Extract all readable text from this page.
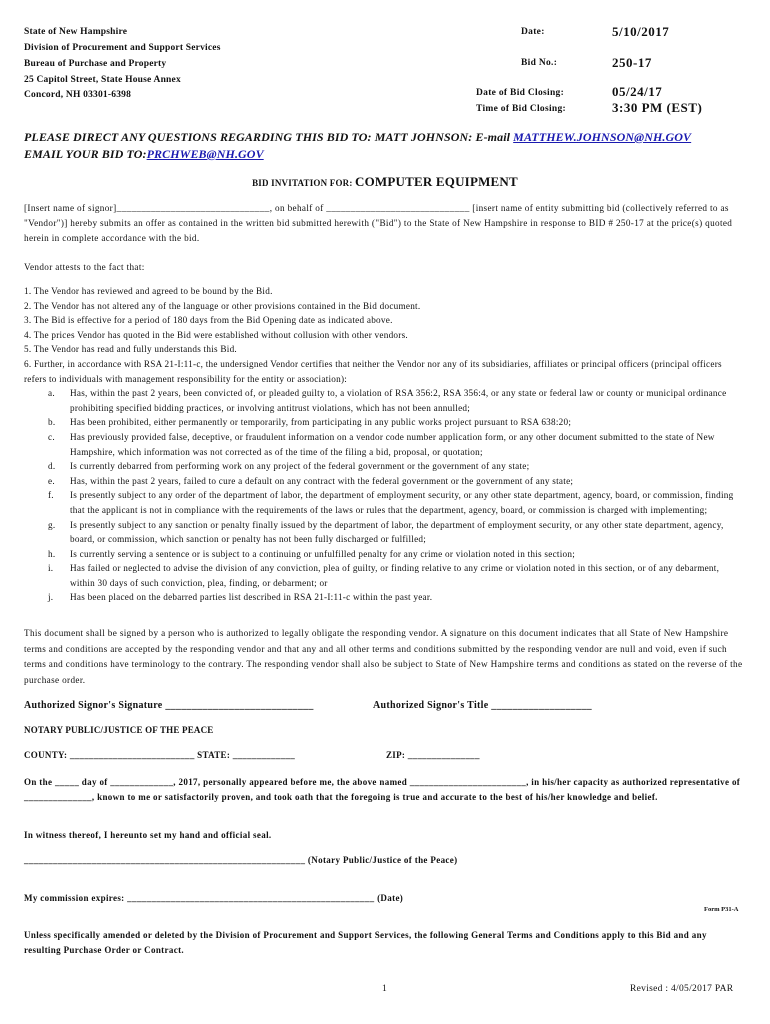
State of New Hampshire
Division of Procurement and Support Services
Bureau of Purchase and Property
25 Capitol Street, State House Annex
Concord, NH 03301-6398
Date:	5/10/2017
Bid No.:	250-17
Date of Bid Closing:	05/24/17
Time of Bid Closing:	3:30 PM (EST)
PLEASE DIRECT ANY QUESTIONS REGARDING THIS BID TO: MATT JOHNSON: E-mail MATTHEW.JOHNSON@NH.GOV
EMAIL YOUR BID TO:PRCHWEB@NH.GOV
BID INVITATION FOR: COMPUTER EQUIPMENT
[Insert name of signor]_______________________________, on behalf of _____________________________ [insert name of entity submitting bid (collectively referred to as "Vendor")] hereby submits an offer as contained in the written bid submitted herewith ("Bid") to the State of New Hampshire in response to BID # 250-17 at the price(s) quoted herein in complete accordance with the bid.
Vendor attests to the fact that:
1. The Vendor has reviewed and agreed to be bound by the Bid.
2. The Vendor has not altered any of the language or other provisions contained in the Bid document.
3. The Bid is effective for a period of 180 days from the Bid Opening date as indicated above.
4. The prices Vendor has quoted in the Bid were established without collusion with other vendors.
5. The Vendor has read and fully understands this Bid.
6. Further, in accordance with RSA 21-I:11-c, the undersigned Vendor certifies that neither the Vendor nor any of its subsidiaries, affiliates or principal officers (principal officers refers to individuals with management responsibility for the entity or association):
a. Has, within the past 2 years, been convicted of, or pleaded guilty to, a violation of RSA 356:2, RSA 356:4, or any state or federal law or county or municipal ordinance prohibiting specified bidding practices, or involving antitrust violations, which has not been annulled;
b. Has been prohibited, either permanently or temporarily, from participating in any public works project pursuant to RSA 638:20;
c. Has previously provided false, deceptive, or fraudulent information on a vendor code number application form, or any other document submitted to the state of New Hampshire, which information was not corrected as of the time of the filing a bid, proposal, or quotation;
d. Is currently debarred from performing work on any project of the federal government or the government of any state;
e. Has, within the past 2 years, failed to cure a default on any contract with the federal government or the government of any state;
f. Is presently subject to any order of the department of labor, the department of employment security, or any other state department, agency, board, or commission, finding that the applicant is not in compliance with the requirements of the laws or rules that the department, agency, board, or commission is charged with implementing;
g. Is presently subject to any sanction or penalty finally issued by the department of labor, the department of employment security, or any other state department, agency, board, or commission, which sanction or penalty has not been fully discharged or fulfilled;
h. Is currently serving a sentence or is subject to a continuing or unfulfilled penalty for any crime or violation noted in this section;
i. Has failed or neglected to advise the division of any conviction, plea of guilty, or finding relative to any crime or violation noted in this section, or of any debarment, within 30 days of such conviction, plea, finding, or debarment; or
j. Has been placed on the debarred parties list described in RSA 21-I:11-c within the past year.
This document shall be signed by a person who is authorized to legally obligate the responding vendor. A signature on this document indicates that all State of New Hampshire terms and conditions are accepted by the responding vendor and that any and all other terms and conditions submitted by the responding vendor are null and void, even if such terms and conditions have terminology to the contrary. The responding vendor shall also be subject to State of New Hampshire terms and conditions as stated on the reverse of the purchase order.
Authorized Signor's Signature ____________________________	Authorized Signor's Title ___________________
NOTARY PUBLIC/JUSTICE OF THE PEACE
COUNTY: __________________________ STATE: _____________	ZIP: _______________
On the _____ day of _____________, 2017, personally appeared before me, the above named ________________________, in his/her capacity as authorized representative of ______________, known to me or satisfactorily proven, and took oath that the foregoing is true and accurate to the best of his/her knowledge and belief.
In witness thereof, I hereunto set my hand and official seal.
__________________________________________________________ (Notary Public/Justice of the Peace)
My commission expires: ___________________________________________________ (Date)
Form P31-A
Unless specifically amended or deleted by the Division of Procurement and Support Services, the following General Terms and Conditions apply to this Bid and any resulting Purchase Order or Contract.
1	Revised : 4/05/2017 PAR
